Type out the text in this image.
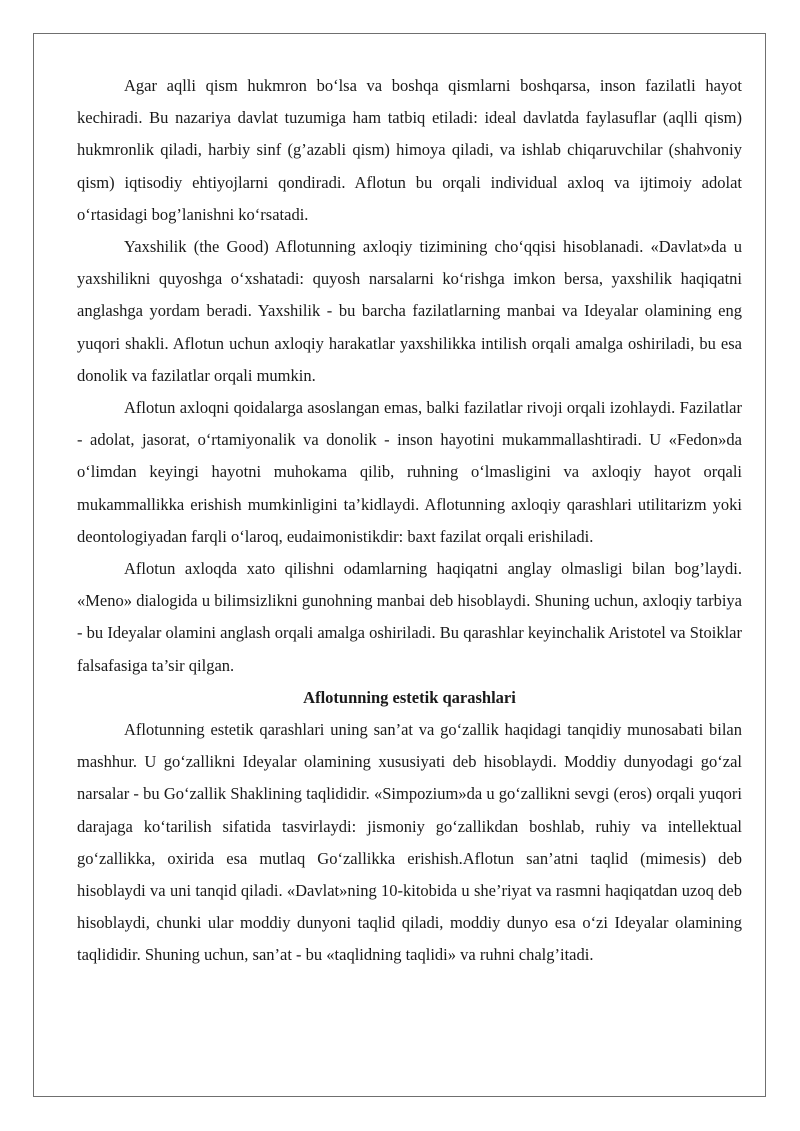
Agar aqlli qism hukmron bo‘lsa va boshqa qismlarni boshqarsa, inson fazilatli hayot kechiradi. Bu nazariya davlat tuzumiga ham tatbiq etiladi: ideal davlatda faylasuflar (aqlli qism) hukmronlik qiladi, harbiy sinf (g’azabli qism) himoya qiladi, va ishlab chiqaruvchilar (shahvoniy qism) iqtisodiy ehtiyojlarni qondiradi. Aflotun bu orqali individual axloq va ijtimoiy adolat o‘rtasidagi bog’lanishni ko‘rsatadi.

Yaxshilik (the Good) Aflotunning axloqiy tizimining cho‘qqisi hisoblanadi. «Davlat»da u yaxshilikni quyoshga o‘xshatadi: quyosh narsalarni ko‘rishga imkon bersa, yaxshilik haqiqatni anglashga yordam beradi. Yaxshilik - bu barcha fazilatlarning manbai va Ideyalar olamining eng yuqori shakli. Aflotun uchun axloqiy harakatlar yaxshilikka intilish orqali amalga oshiriladi, bu esa donolik va fazilatlar orqali mumkin.

Aflotun axloqni qoidalarga asoslangan emas, balki fazilatlar rivoji orqali izohlaydi. Fazilatlar - adolat, jasorat, o‘rtamiyonalik va donolik - inson hayotini mukammallashtiradi. U «Fedon»da o‘limdan keyingi hayotni muhokama qilib, ruhning o‘lmasligini va axloqiy hayot orqali mukammallikka erishish mumkinligini ta’kidlaydi. Aflotunning axloqiy qarashlari utilitarizm yoki deontologiyadan farqli o‘laroq, eudaimonistikdir: baxt fazilat orqali erishiladi.

Aflotun axloqda xato qilishni odamlarning haqiqatni anglay olmasligi bilan bog’laydi. «Meno» dialogida u bilimsizlikni gunohning manbai deb hisoblaydi. Shuning uchun, axloqiy tarbiya - bu Ideyalar olamini anglash orqali amalga oshiriladi. Bu qarashlar keyinchalik Aristotel va Stoiklar falsafasiga ta’sir qilgan.

Aflotunning estetik qarashlari

Aflotunning estetik qarashlari uning san’at va go‘zallik haqidagi tanqidiy munosabati bilan mashhur. U go‘zallikni Ideyalar olamining xususiyati deb hisoblaydi. Moddiy dunyodagi go‘zal narsalar - bu Go‘zallik Shaklining taqlididir. «Simpozium»da u go‘zallikni sevgi (eros) orqali yuqori darajaga ko‘tarilish sifatida tasvirlaydi: jismoniy go‘zallikdan boshlab, ruhiy va intellektual go‘zallikka, oxirida esa mutlaq Go‘zallikka erishish.Aflotun san’atni taqlid (mimesis) deb hisoblaydi va uni tanqid qiladi. «Davlat»ning 10-kitobida u she’riyat va rasmni haqiqatdan uzoq deb hisoblaydi, chunki ular moddiy dunyoni taqlid qiladi, moddiy dunyo esa o‘zi Ideyalar olamining taqlididir. Shuning uchun, san’at - bu «taqlidning taqlidi» va ruhni chalg’itadi.
